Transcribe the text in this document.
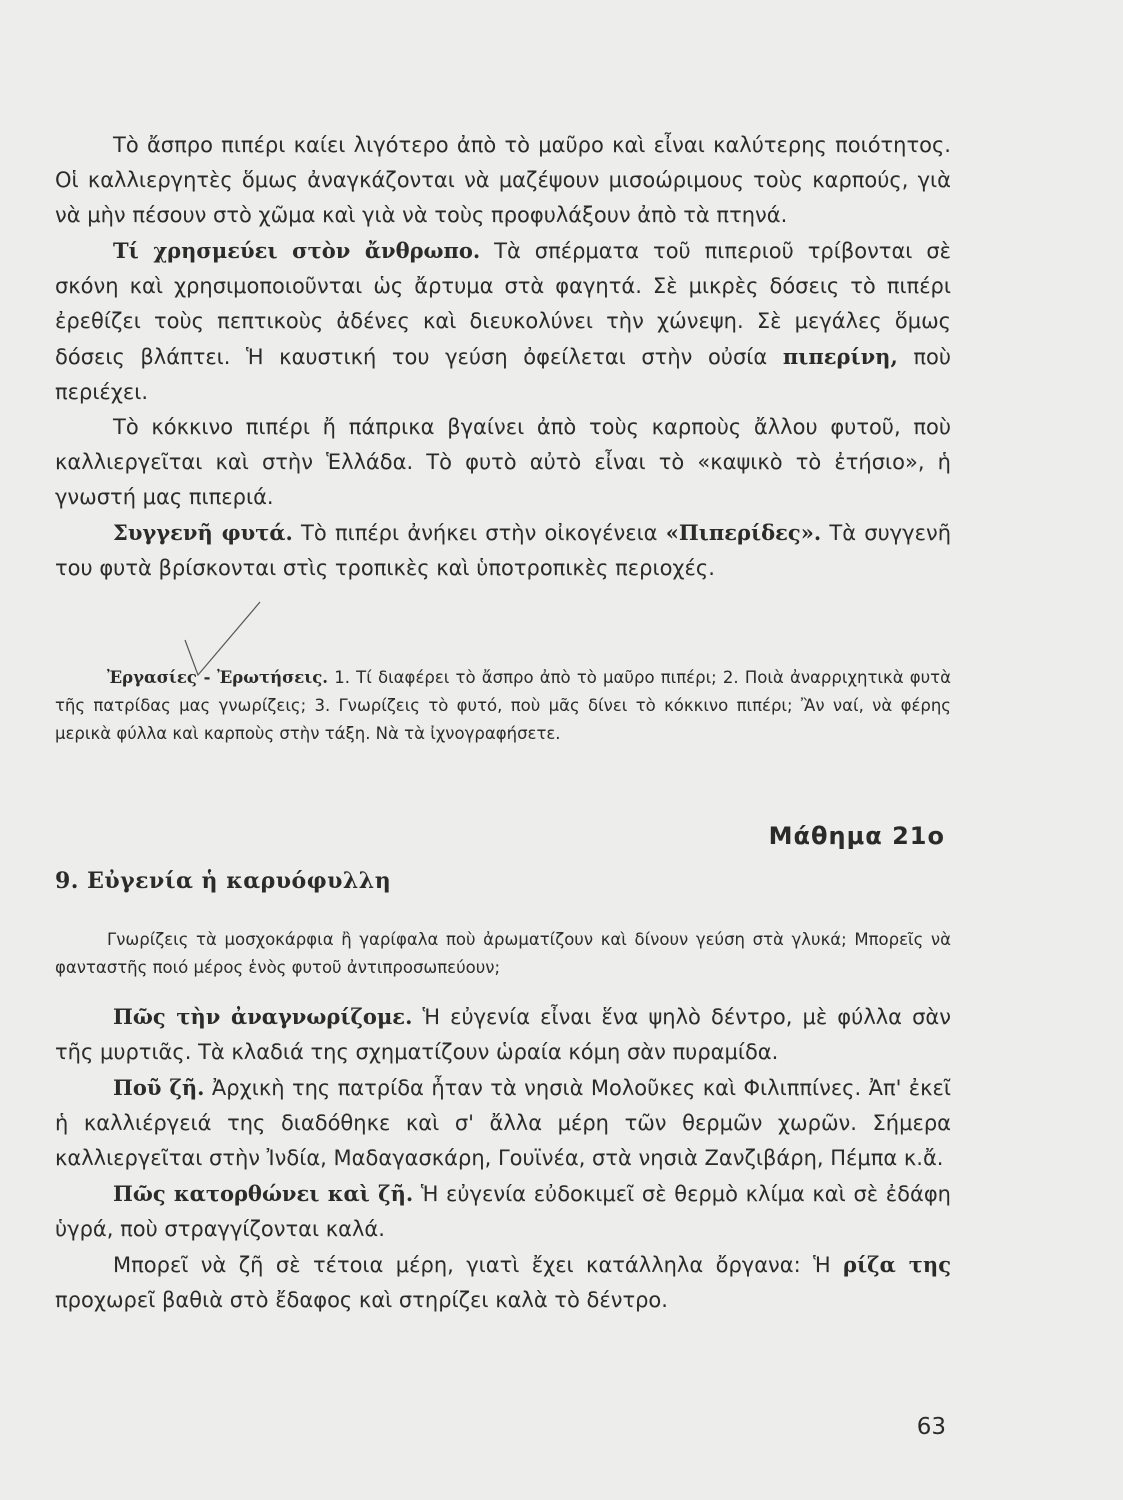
Τὸ ἄσπρο πιπέρι καίει λιγότερο ἀπὸ τὸ μαῦρο καὶ εἶναι καλύτερης ποιότητος. Οἱ καλλιεργητὲς ὅμως ἀναγκάζονται νὰ μαζέψουν μισοώριμους τοὺς καρπούς, γιὰ νὰ μὴν πέσουν στὸ χῶμα καὶ γιὰ νὰ τοὺς προφυλάξουν ἀπὸ τὰ πτηνά.

Τί χρησμεύει στὸν ἄνθρωπο. Τὰ σπέρματα τοῦ πιπεριοῦ τρίβονται σὲ σκόνη καὶ χρησιμοποιοῦνται ὡς ἄρτυμα στὰ φαγητά. Σὲ μικρὲς δόσεις τὸ πιπέρι ἐρεθίζει τοὺς πεπτικοὺς ἀδένες καὶ διευκολύνει τὴν χώνεψη. Σὲ μεγάλες ὅμως δόσεις βλάπτει. Ἡ καυστική του γεύση ὀφείλεται στὴν οὐσία πιπερίνη, ποὺ περιέχει.

Τὸ κόκκινο πιπέρι ἤ πάπρικα βγαίνει ἀπὸ τοὺς καρποὺς ἄλλου φυτοῦ, ποὺ καλλιεργεῖται καὶ στὴν Ἑλλάδα. Τὸ φυτὸ αὐτὸ εἶναι τὸ «καψικὸ τὸ ἐτήσιο», ἡ γνωστή μας πιπεριά.

Συγγενῆ φυτά. Τὸ πιπέρι ἀνήκει στὴν οἰκογένεια «Πιπερίδες». Τὰ συγγενῆ του φυτὰ βρίσκονται στὶς τροπικὲς καὶ ὑποτροπικὲς περιοχές.

Ἐργασίες - Ἐρωτήσεις. 1. Τί διαφέρει τὸ ἄσπρο ἀπὸ τὸ μαῦρο πιπέρι; 2. Ποιὰ ἀναρριχητικὰ φυτὰ τῆς πατρίδας μας γνωρίζεις; 3. Γνωρίζεις τὸ φυτό, ποὺ μᾶς δίνει τὸ κόκκινο πιπέρι; Ἂν ναί, νὰ φέρης μερικὰ φύλλα καὶ καρποὺς στὴν τάξη. Νὰ τὰ ἰχνογραφήσετε.
Μάθημα 21ο
9. Εὐγενία ἡ καρυόφυλλη
Γνωρίζεις τὰ μοσχοκάρφια ἢ γαρίφαλα ποὺ ἀρωματίζουν καὶ δίνουν γεύση στὰ γλυκά; Μπορεῖς νὰ φανταστῆς ποιό μέρος ἑνὸς φυτοῦ ἀντιπροσωπεύουν;

Πῶς τὴν ἀναγνωρίζομε. Ἡ εὐγενία εἶναι ἕνα ψηλὸ δέντρο, μὲ φύλλα σὰν τῆς μυρτιᾶς. Τὰ κλαδιά της σχηματίζουν ὡραία κόμη σὰν πυραμίδα.

Ποῦ ζῆ. Ἀρχικὴ της πατρίδα ἦταν τὰ νησιὰ Μολοῦκες καὶ Φιλιππίνες. Ἀπ' ἐκεῖ ἡ καλλιέργειά της διαδόθηκε καὶ σ' ἄλλα μέρη τῶν θερμῶν χωρῶν. Σήμερα καλλιεργεῖται στὴν Ἰνδία, Μαδαγασκάρη, Γουϊνέα, στὰ νησιὰ Ζανζιβάρη, Πέμπα κ.ἄ.

Πῶς κατορθώνει καὶ ζῆ. Ἡ εὐγενία εὐδοκιμεῖ σὲ θερμὸ κλίμα καὶ σὲ ἐδάφη ὑγρά, ποὺ στραγγίζονται καλά.

Μπορεῖ νὰ ζῆ σὲ τέτοια μέρη, γιατὶ ἔχει κατάλληλα ὄργανα: Ἡ ρίζα της προχωρεῖ βαθιὰ στὸ ἔδαφος καὶ στηρίζει καλὰ τὸ δέντρο.

63
